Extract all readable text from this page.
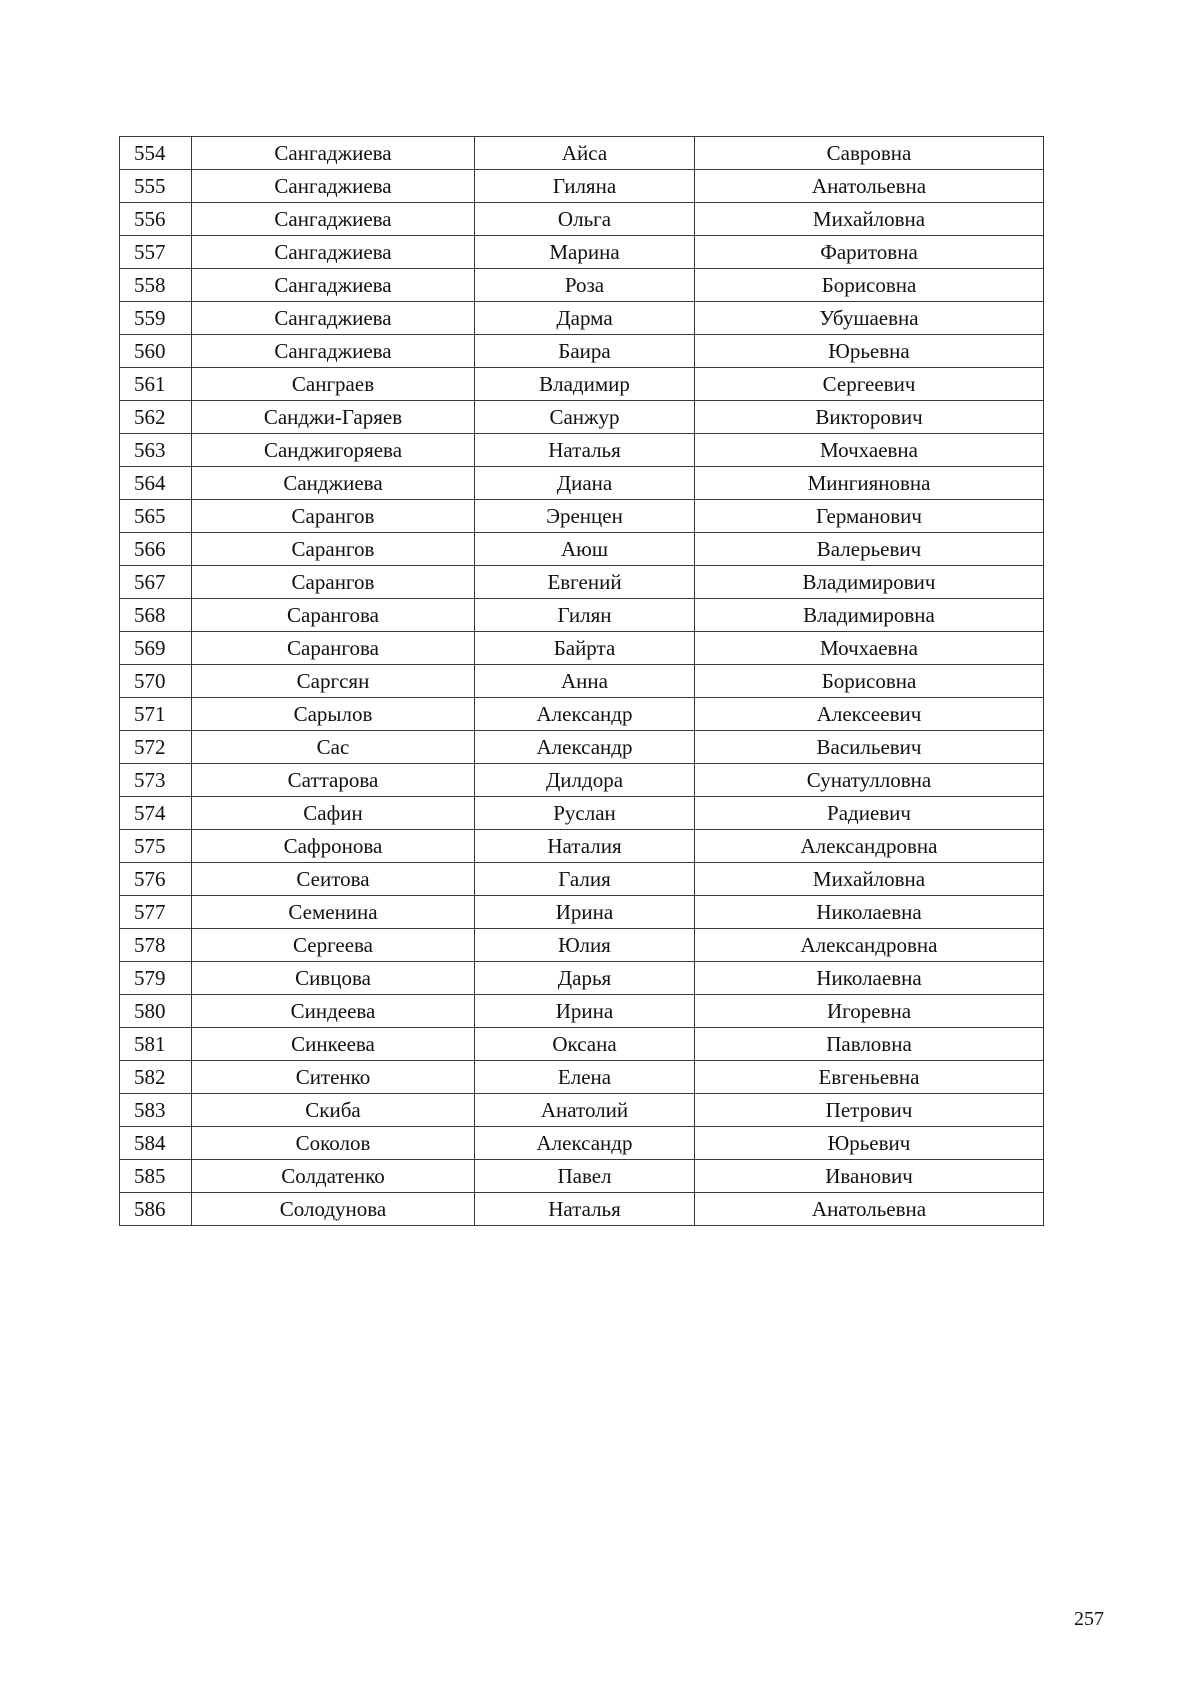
554	Сангаджиева	Айса	Савровна
555	Сангаджиева	Гиляна	Анатольевна
556	Сангаджиева	Ольга	Михайловна
557	Сангаджиева	Марина	Фаритовна
558	Сангаджиева	Роза	Борисовна
559	Сангаджиева	Дарма	Убушаевна
560	Сангаджиева	Баира	Юрьевна
561	Санграев	Владимир	Сергеевич
562	Санджи-Гаряев	Санжур	Викторович
563	Санджигоряева	Наталья	Мочхаевна
564	Санджиева	Диана	Мингияновна
565	Сарангов	Эренцен	Германович
566	Сарангов	Аюш	Валерьевич
567	Сарангов	Евгений	Владимирович
568	Сарангова	Гилян	Владимировна
569	Сарангова	Байрта	Мочхаевна
570	Саргсян	Анна	Борисовна
571	Сарылов	Александр	Алексеевич
572	Сас	Александр	Васильевич
573	Саттарова	Дилдора	Сунатулловна
574	Сафин	Руслан	Радиевич
575	Сафронова	Наталия	Александровна
576	Сеитова	Галия	Михайловна
577	Семенина	Ирина	Николаевна
578	Сергеева	Юлия	Александровна
579	Сивцова	Дарья	Николаевна
580	Синдеева	Ирина	Игоревна
581	Синкеева	Оксана	Павловна
582	Ситенко	Елена	Евгеньевна
583	Скиба	Анатолий	Петрович
584	Соколов	Александр	Юрьевич
585	Солдатенко	Павел	Иванович
586	Солодунова	Наталья	Анатольевна
257
